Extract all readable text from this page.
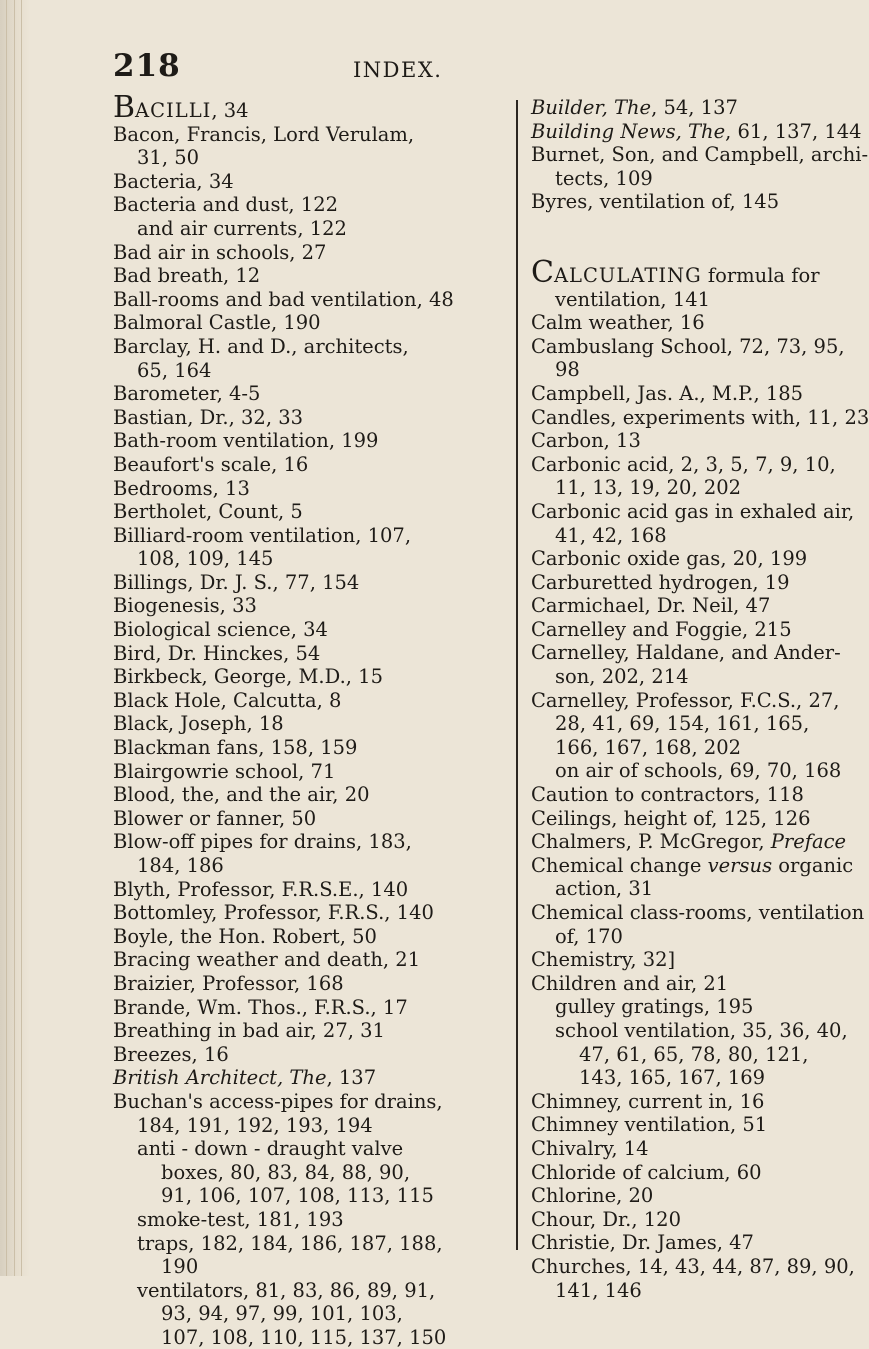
218	INDEX.
BACILLI, 34
Bacon, Francis, Lord Verulam,
31, 50
Bacteria, 34
Bacteria and dust, 122
and air currents, 122
Bad air in schools, 27
Bad breath, 12
Ball-rooms and bad ventilation, 48
Balmoral Castle, 190
Barclay, H. and D., architects,
65, 164
Barometer, 4-5
Bastian, Dr., 32, 33
Bath-room ventilation, 199
Beaufort's scale, 16
Bedrooms, 13
Bertholet, Count, 5
Billiard-room ventilation, 107,
108, 109, 145
Billings, Dr. J. S., 77, 154
Biogenesis, 33
Biological science, 34
Bird, Dr. Hinckes, 54
Birkbeck, George, M.D., 15
Black Hole, Calcutta, 8
Black, Joseph, 18
Blackman fans, 158, 159
Blairgowrie school, 71
Blood, the, and the air, 20
Blower or fanner, 50
Blow-off pipes for drains, 183,
184, 186
Blyth, Professor, F.R.S.E., 140
Bottomley, Professor, F.R.S., 140
Boyle, the Hon. Robert, 50
Bracing weather and death, 21
Braizier, Professor, 168
Brande, Wm. Thos., F.R.S., 17
Breathing in bad air, 27, 31
Breezes, 16
British Architect, The, 137
Buchan's access-pipes for drains,
184, 191, 192, 193, 194
anti - down - draught valve
boxes, 80, 83, 84, 88, 90,
91, 106, 107, 108, 113, 115
smoke-test, 181, 193
traps, 182, 184, 186, 187, 188,
190
ventilators, 81, 83, 86, 89, 91,
93, 94, 97, 99, 101, 103,
107, 108, 110, 115, 137, 150
Builder, The, 54, 137
Building News, The, 61, 137, 144
Burnet, Son, and Campbell, archi-
tects, 109
Byres, ventilation of, 145
CALCULATING formula for
ventilation, 141
Calm weather, 16
Cambuslang School, 72, 73, 95,
98
Campbell, Jas. A., M.P., 185
Candles, experiments with, 11, 23
Carbon, 13
Carbonic acid, 2, 3, 5, 7, 9, 10,
11, 13, 19, 20, 202
Carbonic acid gas in exhaled air,
41, 42, 168
Carbonic oxide gas, 20, 199
Carburetted hydrogen, 19
Carmichael, Dr. Neil, 47
Carnelley and Foggie, 215
Carnelley, Haldane, and Ander-
son, 202, 214
Carnelley, Professor, F.C.S., 27,
28, 41, 69, 154, 161, 165,
166, 167, 168, 202
on air of schools, 69, 70, 168
Caution to contractors, 118
Ceilings, height of, 125, 126
Chalmers, P. McGregor, Preface
Chemical change versus organic
action, 31
Chemical class-rooms, ventilation
of, 170
Chemistry, 32]
Children and air, 21
gulley gratings, 195
school ventilation, 35, 36, 40,
47, 61, 65, 78, 80, 121,
143, 165, 167, 169
Chimney, current in, 16
Chimney ventilation, 51
Chivalry, 14
Chloride of calcium, 60
Chlorine, 20
Chour, Dr., 120
Christie, Dr. James, 47
Churches, 14, 43, 44, 87, 89, 90,
141, 146
